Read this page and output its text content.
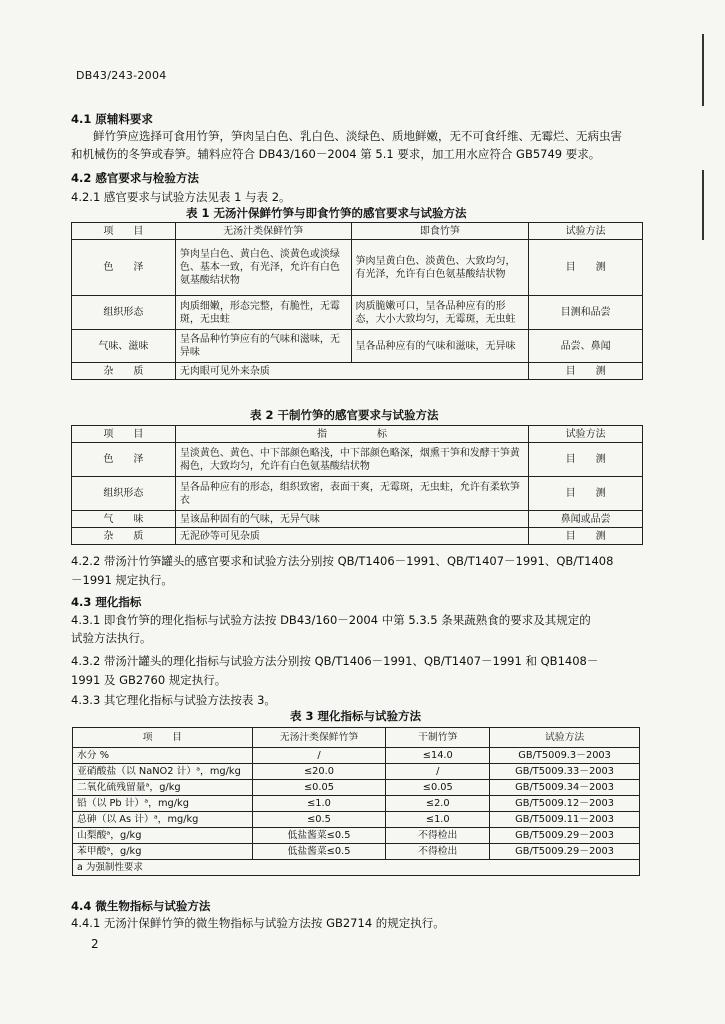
DB43/243-2004
4.1 原辅料要求
鲜竹笋应选择可食用竹笋，笋肉呈白色、乳白色、淡绿色、质地鲜嫩，无不可食纤维、无霉烂、无病虫害
和机械伤的冬笋或春笋。辅料应符合 DB43/160－2004 第 5.1 要求，加工用水应符合 GB5749 要求。
4.2 感官要求与检验方法
4.2.1 感官要求与试验方法见表 1 与表 2。
表 1 无汤汁保鲜竹笋与即食竹笋的感官要求与试验方法
项　　目	无汤汁类保鲜竹笋	即食竹笋	试验方法
色　　泽	笋肉呈白色、黄白色、淡黄色或淡绿色、基本一致，有光泽，允许有白色氨基酸结状物	笋肉呈黄白色、淡黄色、大致均匀，有光泽，允许有白色氨基酸结状物	目　　测
组织形态	肉质细嫩，形态完整，有脆性，无霉斑，无虫蛀	肉质脆嫩可口，呈各品种应有的形态，大小大致均匀，无霉斑，无虫蛀	目测和品尝
气味、滋味	呈各品种竹笋应有的气味和滋味，无异味	呈各品种应有的气味和滋味，无异味	品尝、鼻闻
杂　　质	无肉眼可见外来杂质		目　　测
表 2 干制竹笋的感官要求与试验方法
项　　目	指　　　　　标	试验方法
色　　泽	呈淡黄色、黄色、中下部颜色略浅，中下部颜色略深，烟熏干笋和发酵干笋黄褐色，大致均匀，允许有白色氨基酸结状物	目　　测
组织形态	呈各品种应有的形态，组织致密，表面干爽，无霉斑，无虫蛀，允许有柔软笋衣	目　　测
气　　味	呈该品种固有的气味，无异气味	鼻闻或品尝
杂　　质	无泥砂等可见杂质	目　　测
4.2.2 带汤汁竹笋罐头的感官要求和试验方法分别按 QB/T1406－1991、QB/T1407－1991、QB/T1408
－1991 规定执行。
4.3 理化指标
4.3.1 即食竹笋的理化指标与试验方法按 DB43/160－2004 中第 5.3.5 条果蔬熟食的要求及其规定的
试验方法执行。
4.3.2 带汤汁罐头的理化指标与试验方法分别按 QB/T1406－1991、QB/T1407－1991 和 QB1408－
1991 及 GB2760 规定执行。
4.3.3 其它理化指标与试验方法按表 3。
表 3 理化指标与试验方法
项　　目	无汤汁类保鲜竹笋	干制竹笋	试验方法
水分 %	/	≤14.0	GB/T5009.3－2003
亚硝酸盐（以 NaNO2 计）ᵃ，mg/kg	≤20.0	/	GB/T5009.33－2003
二氧化硫残留量ᵃ，g/kg	≤0.05	≤0.05	GB/T5009.34－2003
铅（以 Pb 计）ᵃ，mg/kg	≤1.0	≤2.0	GB/T5009.12－2003
总砷（以 As 计）ᵃ，mg/kg	≤0.5	≤1.0	GB/T5009.11－2003
山梨酸ᵃ，g/kg	低盐酱菜≤0.5	不得检出	GB/T5009.29－2003
苯甲酸ᵃ，g/kg	低盐酱菜≤0.5	不得检出	GB/T5009.29－2003
a 为强制性要求			
4.4 微生物指标与试验方法
4.4.1 无汤汁保鲜竹笋的微生物指标与试验方法按 GB2714 的规定执行。
2
